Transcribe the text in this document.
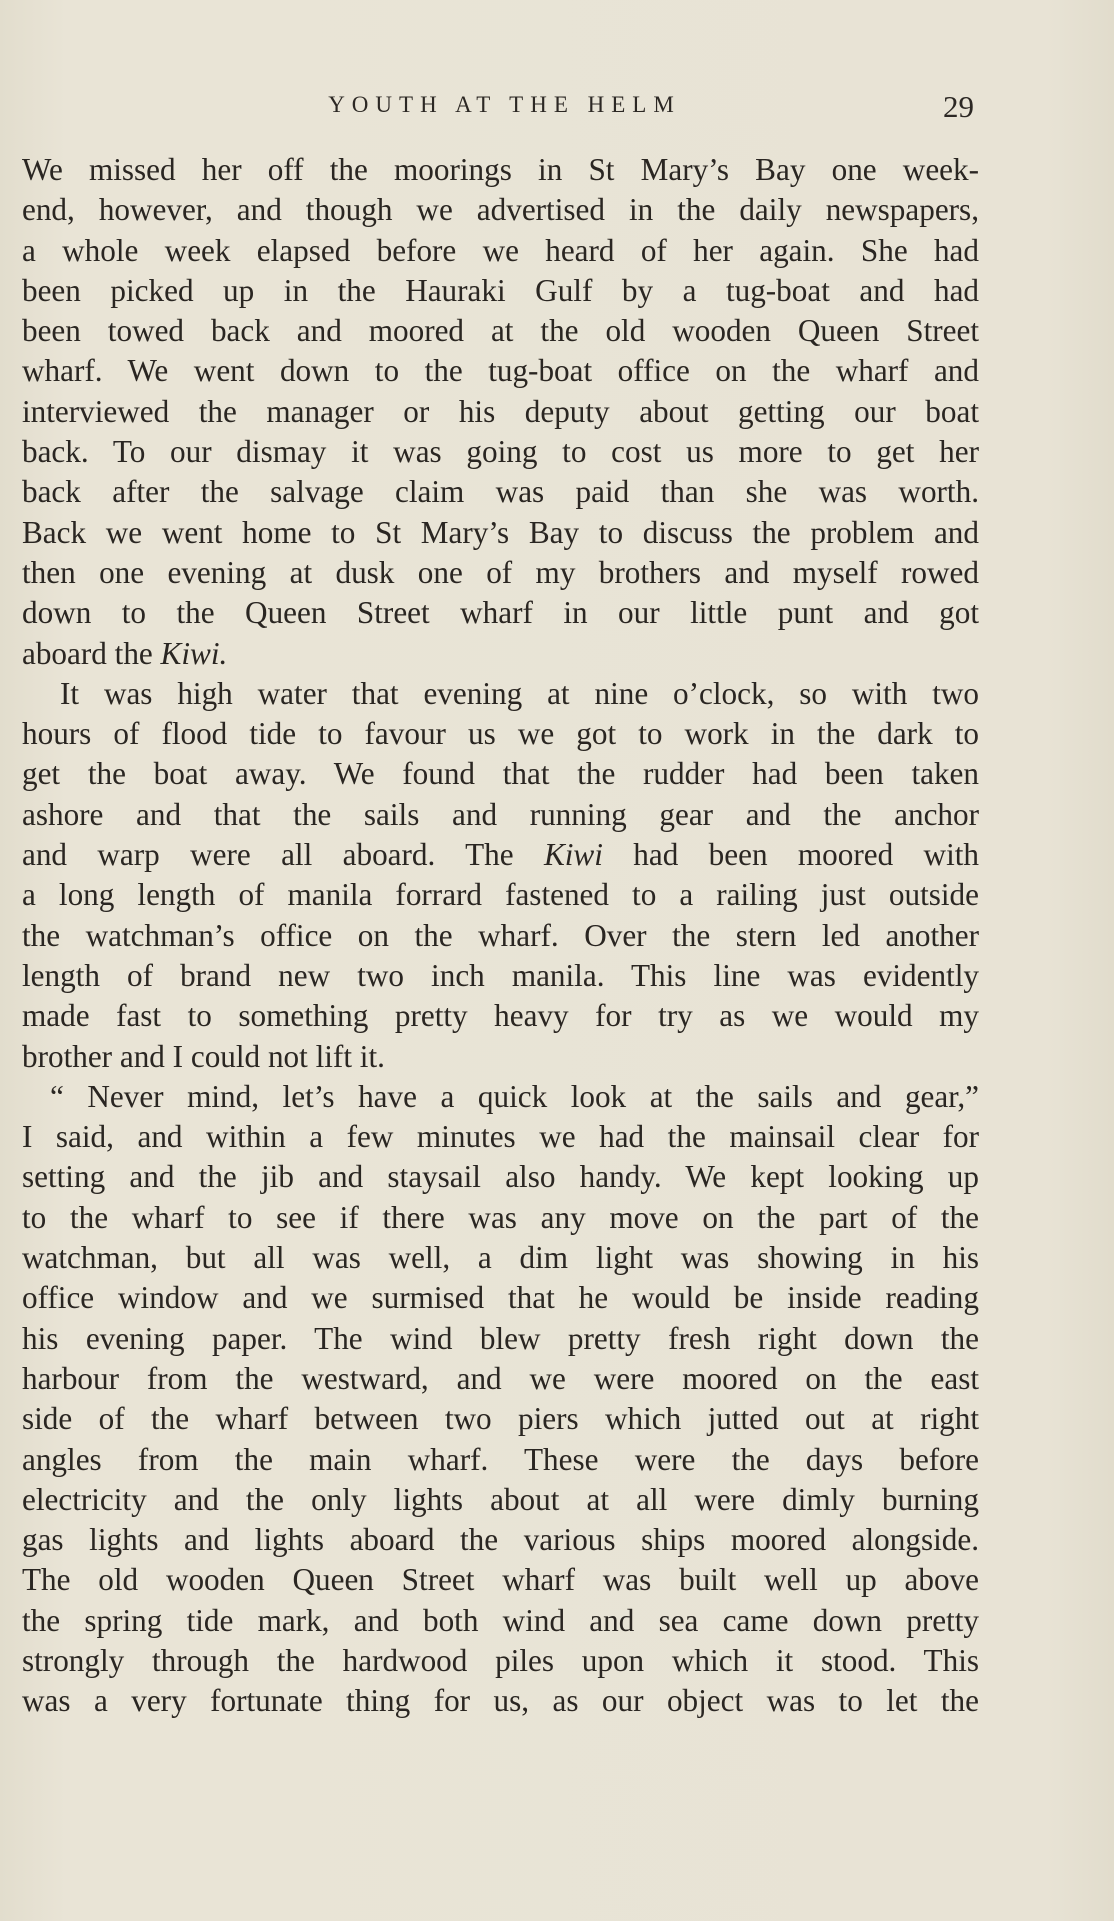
YOUTH AT THE HELM	29
We missed her off the moorings in St Mary’s Bay one week-
end, however, and though we advertised in the daily newspapers,
a whole week elapsed before we heard of her again. She had
been picked up in the Hauraki Gulf by a tug-boat and had
been towed back and moored at the old wooden Queen Street
wharf. We went down to the tug-boat office on the wharf and
interviewed the manager or his deputy about getting our boat
back. To our dismay it was going to cost us more to get her
back after the salvage claim was paid than she was worth.
Back we went home to St Mary’s Bay to discuss the problem and
then one evening at dusk one of my brothers and myself rowed
down to the Queen Street wharf in our little punt and got
aboard the Kiwi.
It was high water that evening at nine o’clock, so with two
hours of flood tide to favour us we got to work in the dark to
get the boat away. We found that the rudder had been taken
ashore and that the sails and running gear and the anchor
and warp were all aboard. The Kiwi had been moored with
a long length of manila forrard fastened to a railing just outside
the watchman’s office on the wharf. Over the stern led another
length of brand new two inch manila. This line was evidently
made fast to something pretty heavy for try as we would my
brother and I could not lift it.
“ Never mind, let’s have a quick look at the sails and gear,”
I said, and within a few minutes we had the mainsail clear for
setting and the jib and staysail also handy. We kept looking up
to the wharf to see if there was any move on the part of the
watchman, but all was well, a dim light was showing in his
office window and we surmised that he would be inside reading
his evening paper. The wind blew pretty fresh right down the
harbour from the westward, and we were moored on the east
side of the wharf between two piers which jutted out at right
angles from the main wharf. These were the days before
electricity and the only lights about at all were dimly burning
gas lights and lights aboard the various ships moored alongside.
The old wooden Queen Street wharf was built well up above
the spring tide mark, and both wind and sea came down pretty
strongly through the hardwood piles upon which it stood. This
was a very fortunate thing for us, as our object was to let the
